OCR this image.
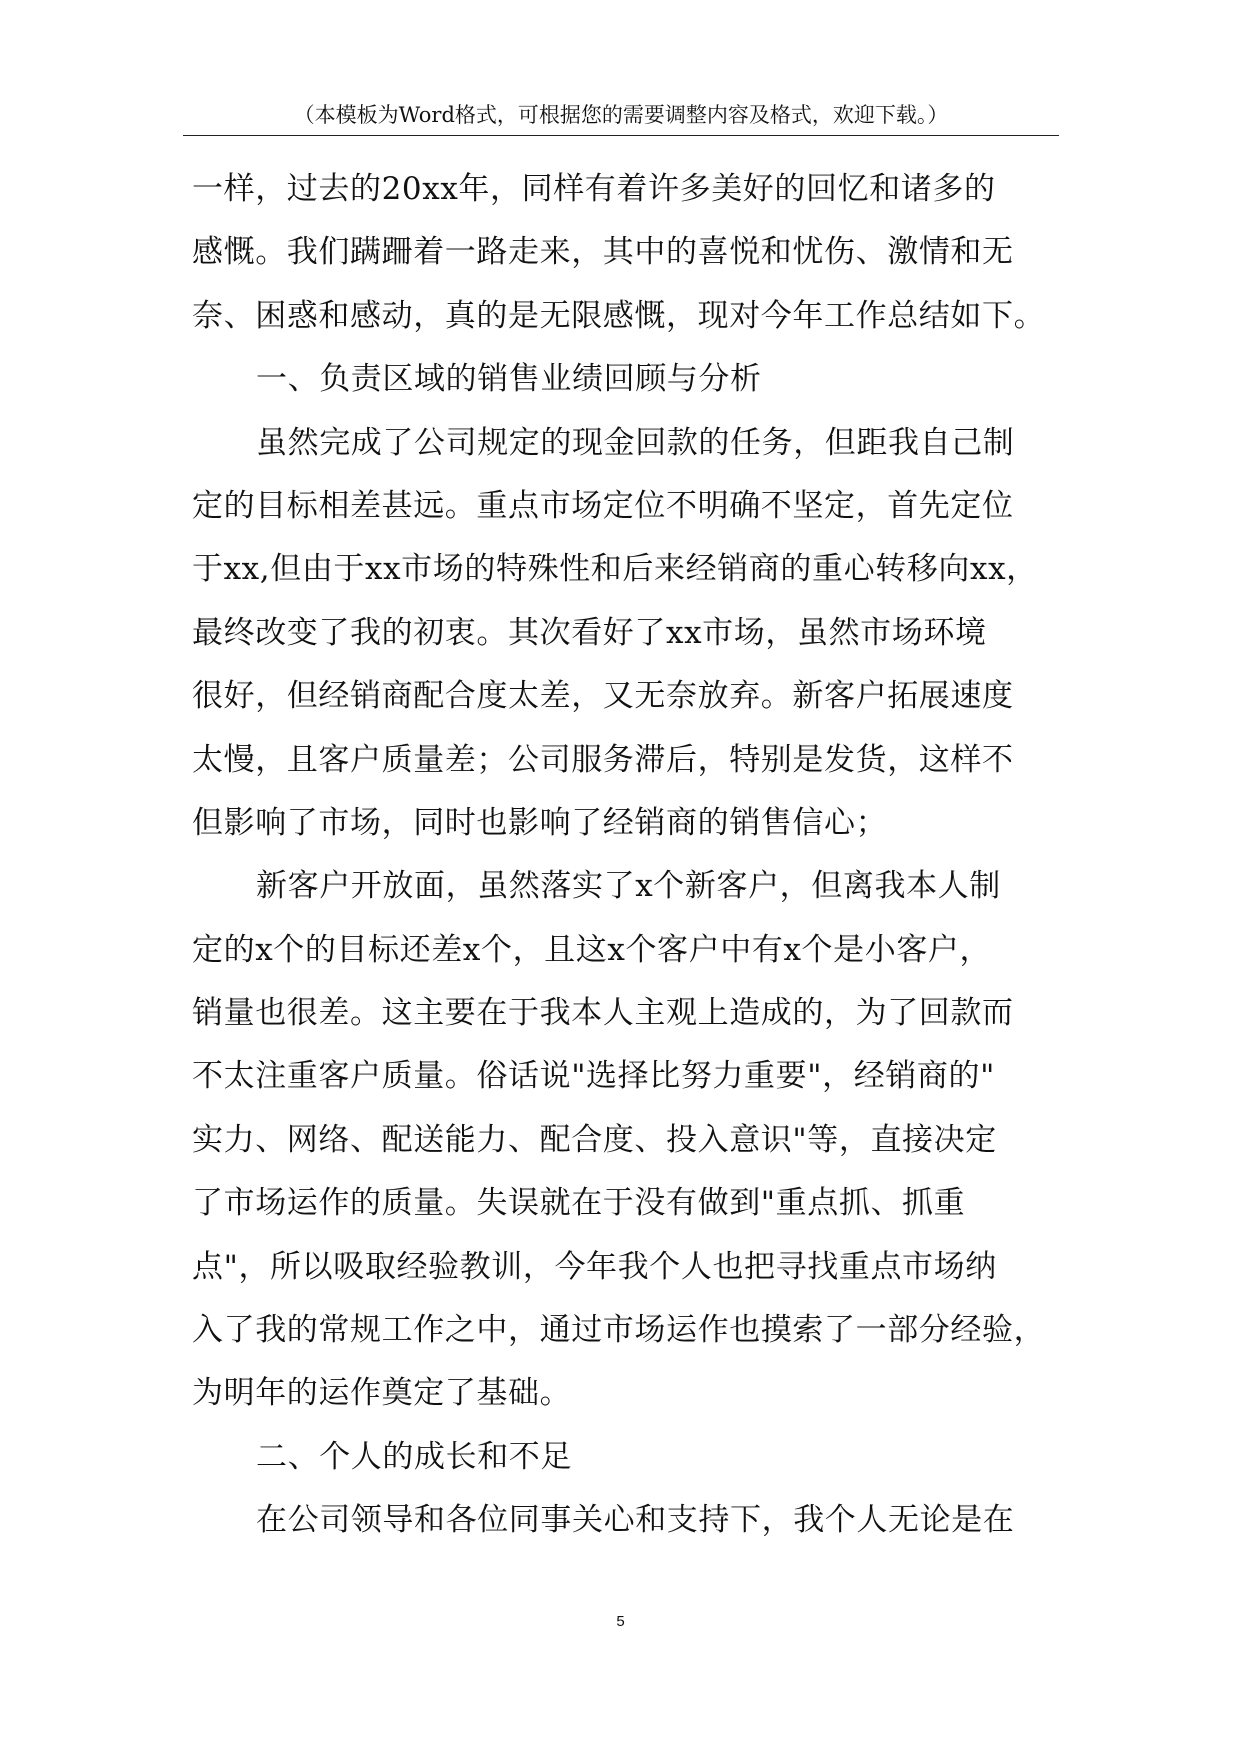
（本模板为Word格式，可根据您的需要调整内容及格式，欢迎下载。）
一样，过去的20xx年，同样有着许多美好的回忆和诸多的
感慨。我们蹒跚着一路走来，其中的喜悦和忧伤、激情和无
奈、困惑和感动，真的是无限感慨，现对今年工作总结如下。
一、负责区域的销售业绩回顾与分析
虽然完成了公司规定的现金回款的任务，但距我自己制
定的目标相差甚远。重点市场定位不明确不坚定，首先定位
于xx,但由于xx市场的特殊性和后来经销商的重心转移向xx，
最终改变了我的初衷。其次看好了xx市场，虽然市场环境
很好，但经销商配合度太差，又无奈放弃。新客户拓展速度
太慢，且客户质量差；公司服务滞后，特别是发货，这样不
但影响了市场，同时也影响了经销商的销售信心；
新客户开放面，虽然落实了x个新客户，但离我本人制
定的x个的目标还差x个，且这x个客户中有x个是小客户，
销量也很差。这主要在于我本人主观上造成的，为了回款而
不太注重客户质量。俗话说"选择比努力重要"，经销商的"
实力、网络、配送能力、配合度、投入意识"等，直接决定
了市场运作的质量。失误就在于没有做到"重点抓、抓重
点"，所以吸取经验教训，今年我个人也把寻找重点市场纳
入了我的常规工作之中，通过市场运作也摸索了一部分经验，
为明年的运作奠定了基础。
二、个人的成长和不足
在公司领导和各位同事关心和支持下，我个人无论是在
5
